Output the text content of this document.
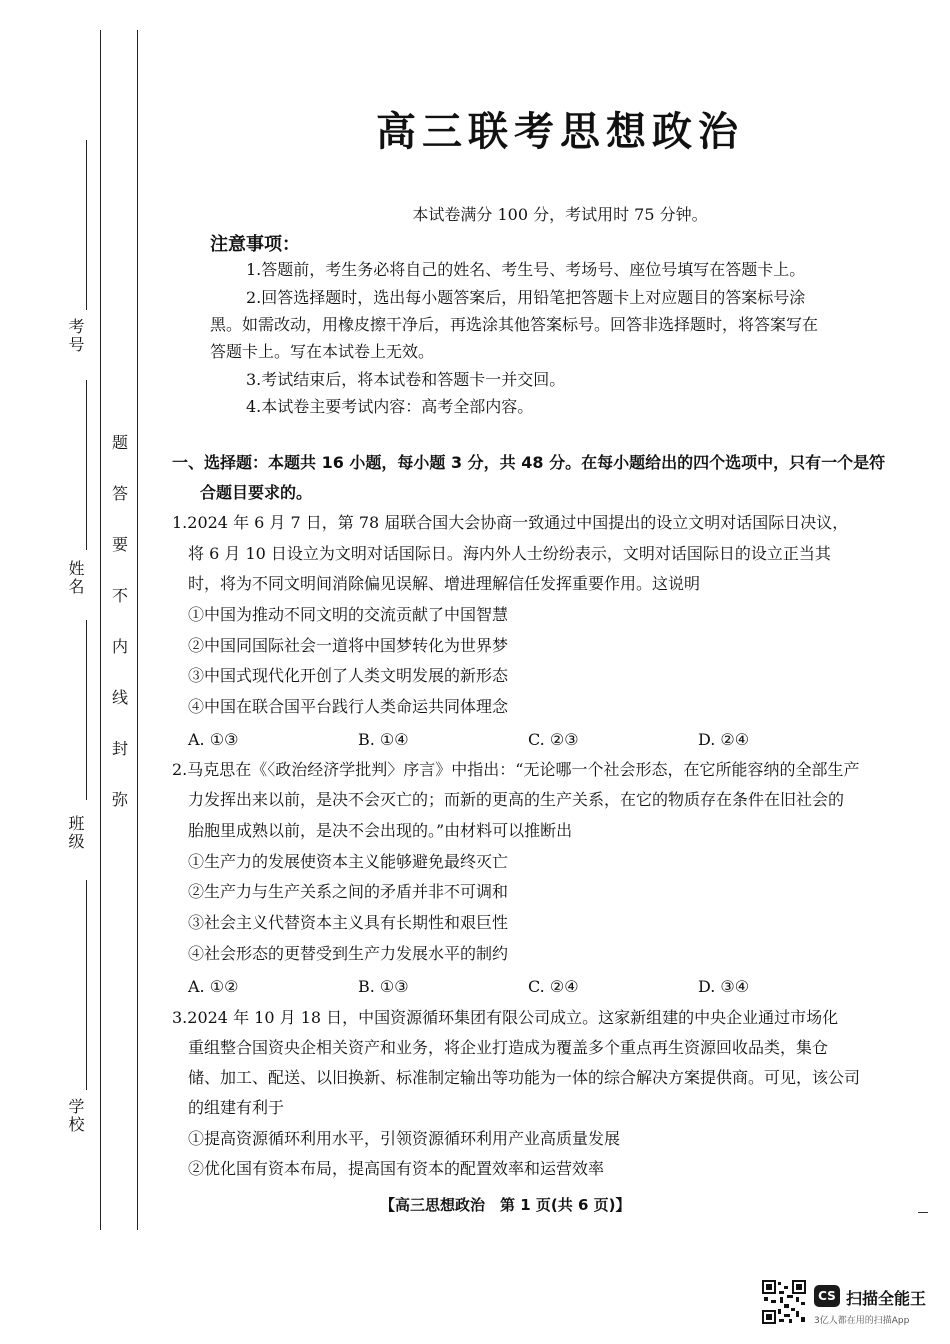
考号
姓名
班级
学校
题
答
要
不
内
线
封
弥
高三联考思想政治
本试卷满分 100 分，考试用时 75 分钟。
注意事项：
1.答题前，考生务必将自己的姓名、考生号、考场号、座位号填写在答题卡上。
2.回答选择题时，选出每小题答案后，用铅笔把答题卡上对应题目的答案标号涂
黑。如需改动，用橡皮擦干净后，再选涂其他答案标号。回答非选择题时，将答案写在
答题卡上。写在本试卷上无效。
3.考试结束后，将本试卷和答题卡一并交回。
4.本试卷主要考试内容：高考全部内容。
一、选择题：本题共 16 小题，每小题 3 分，共 48 分。在每小题给出的四个选项中，只有一个是符
合题目要求的。
1.2024 年 6 月 7 日，第 78 届联合国大会协商一致通过中国提出的设立文明对话国际日决议，
将 6 月 10 日设立为文明对话国际日。海内外人士纷纷表示，文明对话国际日的设立正当其
时，将为不同文明间消除偏见误解、增进理解信任发挥重要作用。这说明
①中国为推动不同文明的交流贡献了中国智慧
②中国同国际社会一道将中国梦转化为世界梦
③中国式现代化开创了人类文明发展的新形态
④中国在联合国平台践行人类命运共同体理念
A. ①③	B. ①④	C. ②③	D. ②④
2.马克思在《〈政治经济学批判〉序言》中指出：“无论哪一个社会形态，在它所能容纳的全部生产
力发挥出来以前，是决不会灭亡的；而新的更高的生产关系，在它的物质存在条件在旧社会的
胎胞里成熟以前，是决不会出现的。”由材料可以推断出
①生产力的发展使资本主义能够避免最终灭亡
②生产力与生产关系之间的矛盾并非不可调和
③社会主义代替资本主义具有长期性和艰巨性
④社会形态的更替受到生产力发展水平的制约
A. ①②	B. ①③	C. ②④	D. ③④
3.2024 年 10 月 18 日，中国资源循环集团有限公司成立。这家新组建的中央企业通过市场化
重组整合国资央企相关资产和业务，将企业打造成为覆盖多个重点再生资源回收品类，集仓
储、加工、配送、以旧换新、标准制定输出等功能为一体的综合解决方案提供商。可见，该公司
的组建有利于
①提高资源循环利用水平，引领资源循环利用产业高质量发展
②优化国有资本布局，提高国有资本的配置效率和运营效率
【高三思想政治　第 1 页(共 6 页)】
CS 扫描全能王
3亿人都在用的扫描App
